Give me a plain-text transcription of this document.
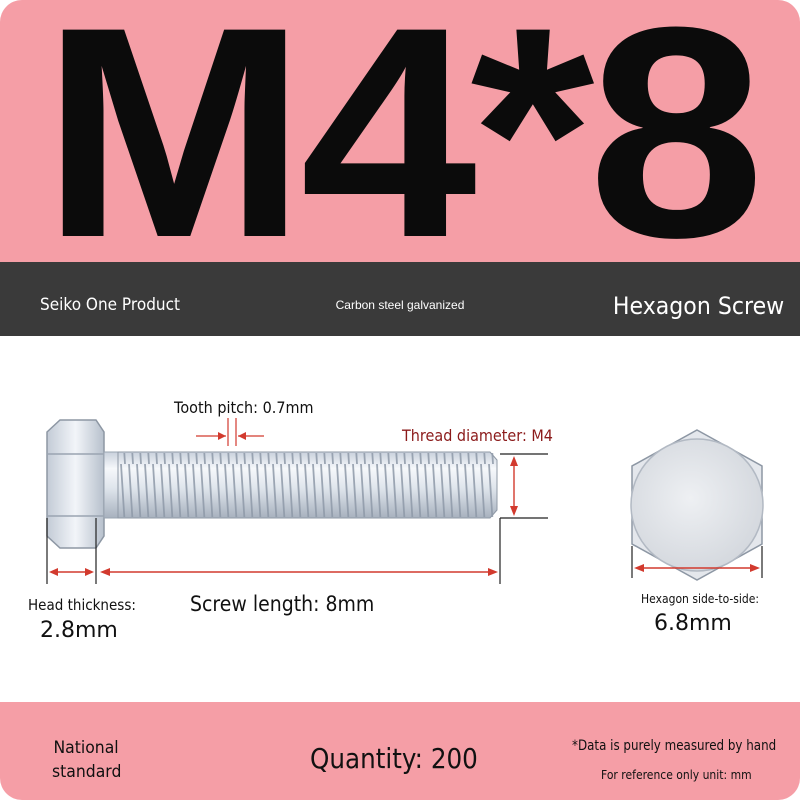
M4*8
Seiko One Product	Carbon steel galvanized	Hexagon Screw
Tooth pitch: 0.7mm
Thread diameter: M4
Head thickness:
2.8mm
Screw length: 8mm	Hexagon side-to-side:
6.8mm
National
standard	Quantity: 200	*Data is purely measured by hand
For reference only unit: mm
